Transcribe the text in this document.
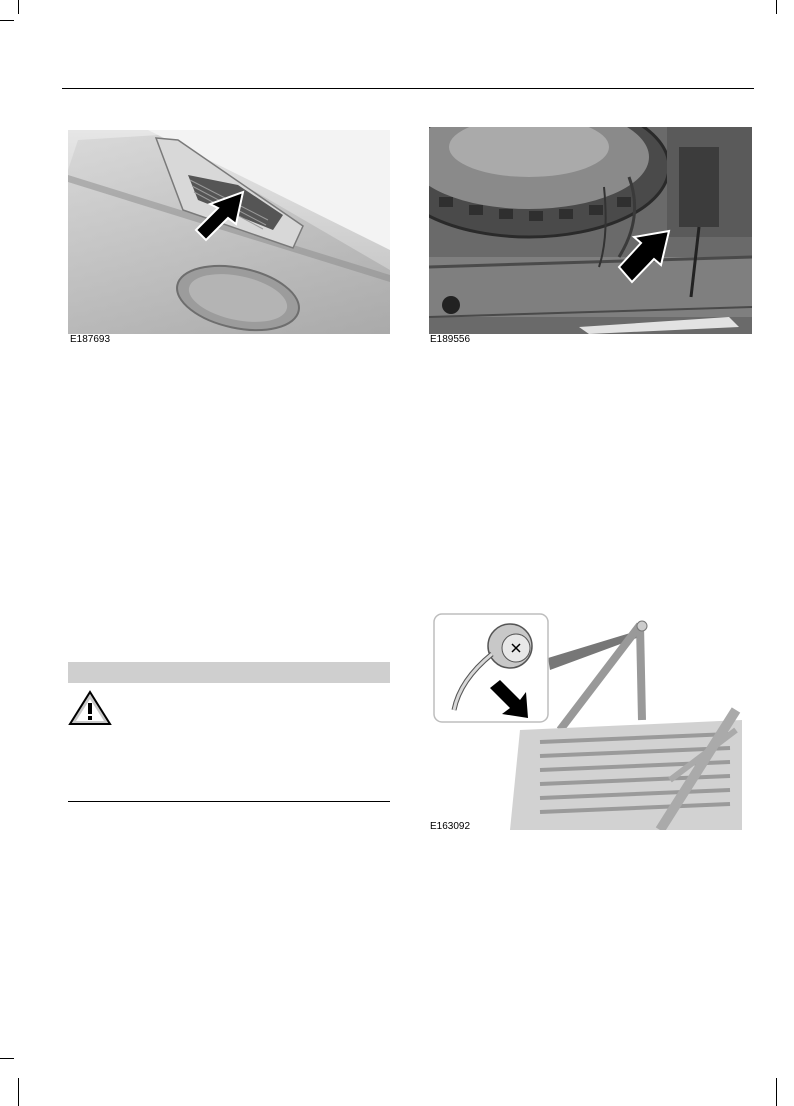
E187693	E189556
E163092
